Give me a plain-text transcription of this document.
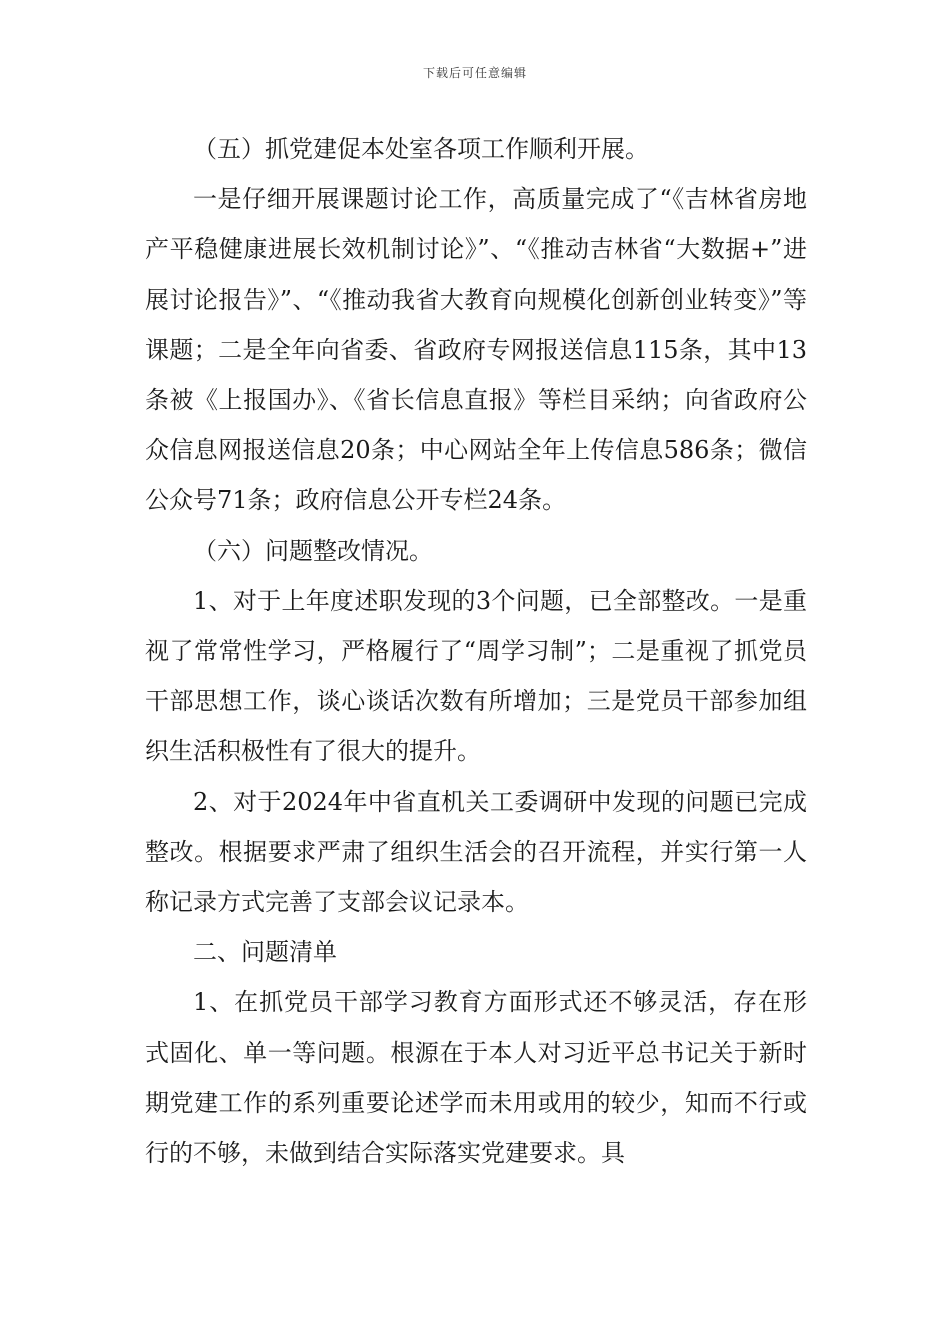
下载后可任意编辑

（五）抓党建促本处室各项工作顺利开展。

一是仔细开展课题讨论工作，高质量完成了“《吉林省房地产平稳健康进展长效机制讨论》”、“《推动吉林省“大数据+”进展讨论报告》”、“《推动我省大教育向规模化创新创业转变》”等课题；二是全年向省委、省政府专网报送信息115条，其中13条被《上报国办》、《省长信息直报》等栏目采纳；向省政府公众信息网报送信息20条；中心网站全年上传信息586条；微信公众号71条；政府信息公开专栏24条。

（六）问题整改情况。

1、对于上年度述职发现的3个问题，已全部整改。一是重视了常常性学习，严格履行了“周学习制”；二是重视了抓党员干部思想工作，谈心谈话次数有所增加；三是党员干部参加组织生活积极性有了很大的提升。

2、对于2024年中省直机关工委调研中发现的问题已完成整改。根据要求严肃了组织生活会的召开流程，并实行第一人称记录方式完善了支部会议记录本。

二、问题清单

1、在抓党员干部学习教育方面形式还不够灵活，存在形式固化、单一等问题。根源在于本人对习近平总书记关于新时期党建工作的系列重要论述学而未用或用的较少，知而不行或行的不够，未做到结合实际落实党建要求。具
